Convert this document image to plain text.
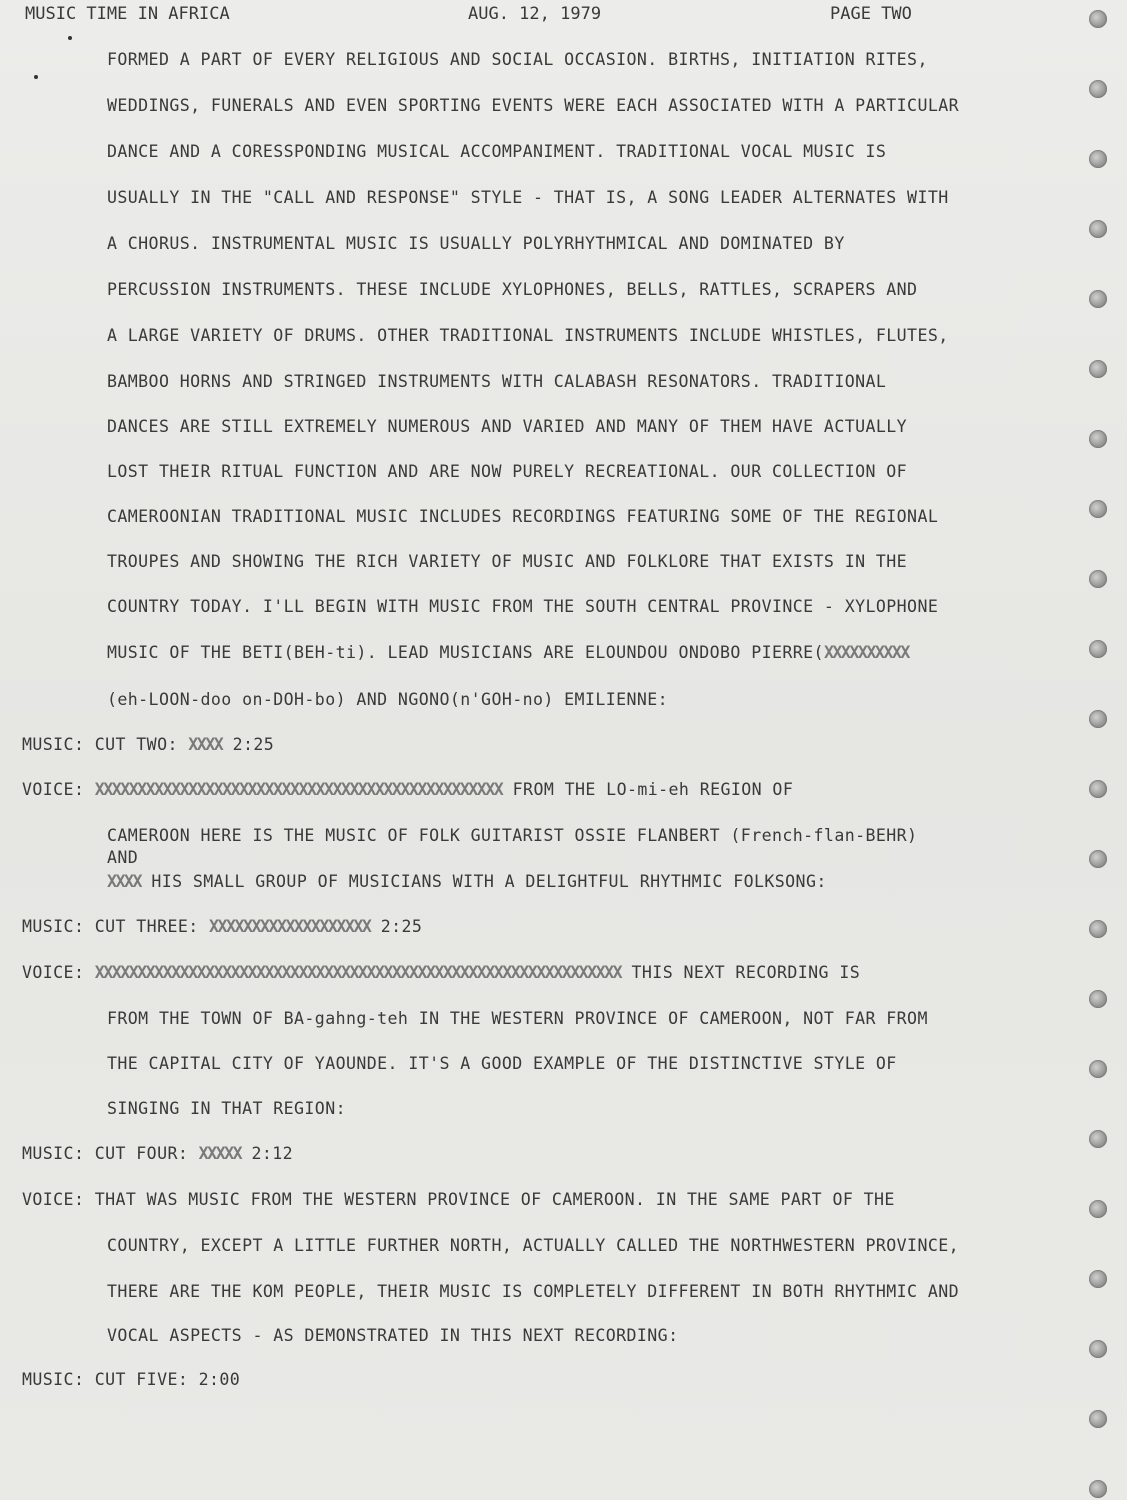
MUSIC TIME IN AFRICA	AUG. 12, 1979	PAGE TWO
FORMED A PART OF EVERY RELIGIOUS AND SOCIAL OCCASION. BIRTHS, INITIATION RITES,
WEDDINGS, FUNERALS AND EVEN SPORTING EVENTS WERE EACH ASSOCIATED WITH A PARTICULAR
DANCE AND A CORESSPONDING MUSICAL ACCOMPANIMENT. TRADITIONAL VOCAL MUSIC IS
USUALLY IN THE "CALL AND RESPONSE" STYLE - THAT IS, A SONG LEADER ALTERNATES WITH
A CHORUS. INSTRUMENTAL MUSIC IS USUALLY POLYRHYTHMICAL AND DOMINATED BY
PERCUSSION INSTRUMENTS. THESE INCLUDE XYLOPHONES, BELLS, RATTLES, SCRAPERS AND
A LARGE VARIETY OF DRUMS. OTHER TRADITIONAL INSTRUMENTS INCLUDE WHISTLES, FLUTES,
BAMBOO HORNS AND STRINGED INSTRUMENTS WITH CALABASH RESONATORS. TRADITIONAL
DANCES ARE STILL EXTREMELY NUMEROUS AND VARIED AND MANY OF THEM HAVE ACTUALLY
LOST THEIR RITUAL FUNCTION AND ARE NOW PURELY RECREATIONAL. OUR COLLECTION OF
CAMEROONIAN TRADITIONAL MUSIC INCLUDES RECORDINGS FEATURING SOME OF THE REGIONAL
TROUPES AND SHOWING THE RICH VARIETY OF MUSIC AND FOLKLORE THAT EXISTS IN THE
COUNTRY TODAY. I'LL BEGIN WITH MUSIC FROM THE SOUTH CENTRAL PROVINCE - XYLOPHONE
MUSIC OF THE BETI(BEH-ti). LEAD MUSICIANS ARE ELOUNDOU ONDOBO PIERRE(XXXXXXXXXX
(eh-LOON-doo on-DOH-bo) AND NGONO(n'GOH-no) EMILIENNE:
MUSIC: CUT TWO: XXXX 2:25
VOICE: XXXXXXXXXXXXXXXXXXXXXXXXXXXXXXXXXXXXXXXXXXXXXXXX FROM THE LO-mi-eh REGION OF
CAMEROON HERE IS THE MUSIC OF FOLK GUITARIST OSSIE FLANBERT (French-flan-BEHR)
AND
XXXX HIS SMALL GROUP OF MUSICIANS WITH A DELIGHTFUL RHYTHMIC FOLKSONG:
MUSIC: CUT THREE: XXXXXXXXXXXXXXXXXXX 2:25
VOICE: XXXXXXXXXXXXXXXXXXXXXXXXXXXXXXXXXXXXXXXXXXXXXXXXXXXXXXXXXXXXXX THIS NEXT RECORDING IS
FROM THE TOWN OF BA-gahng-teh IN THE WESTERN PROVINCE OF CAMEROON, NOT FAR FROM
THE CAPITAL CITY OF YAOUNDE. IT'S A GOOD EXAMPLE OF THE DISTINCTIVE STYLE OF
SINGING IN THAT REGION:
MUSIC: CUT FOUR: XXXXX 2:12
VOICE: THAT WAS MUSIC FROM THE WESTERN PROVINCE OF CAMEROON. IN THE SAME PART OF THE
COUNTRY, EXCEPT A LITTLE FURTHER NORTH, ACTUALLY CALLED THE NORTHWESTERN PROVINCE,
THERE ARE THE KOM PEOPLE, THEIR MUSIC IS COMPLETELY DIFFERENT IN BOTH RHYTHMIC AND
VOCAL ASPECTS - AS DEMONSTRATED IN THIS NEXT RECORDING:
MUSIC: CUT FIVE: 2:00
